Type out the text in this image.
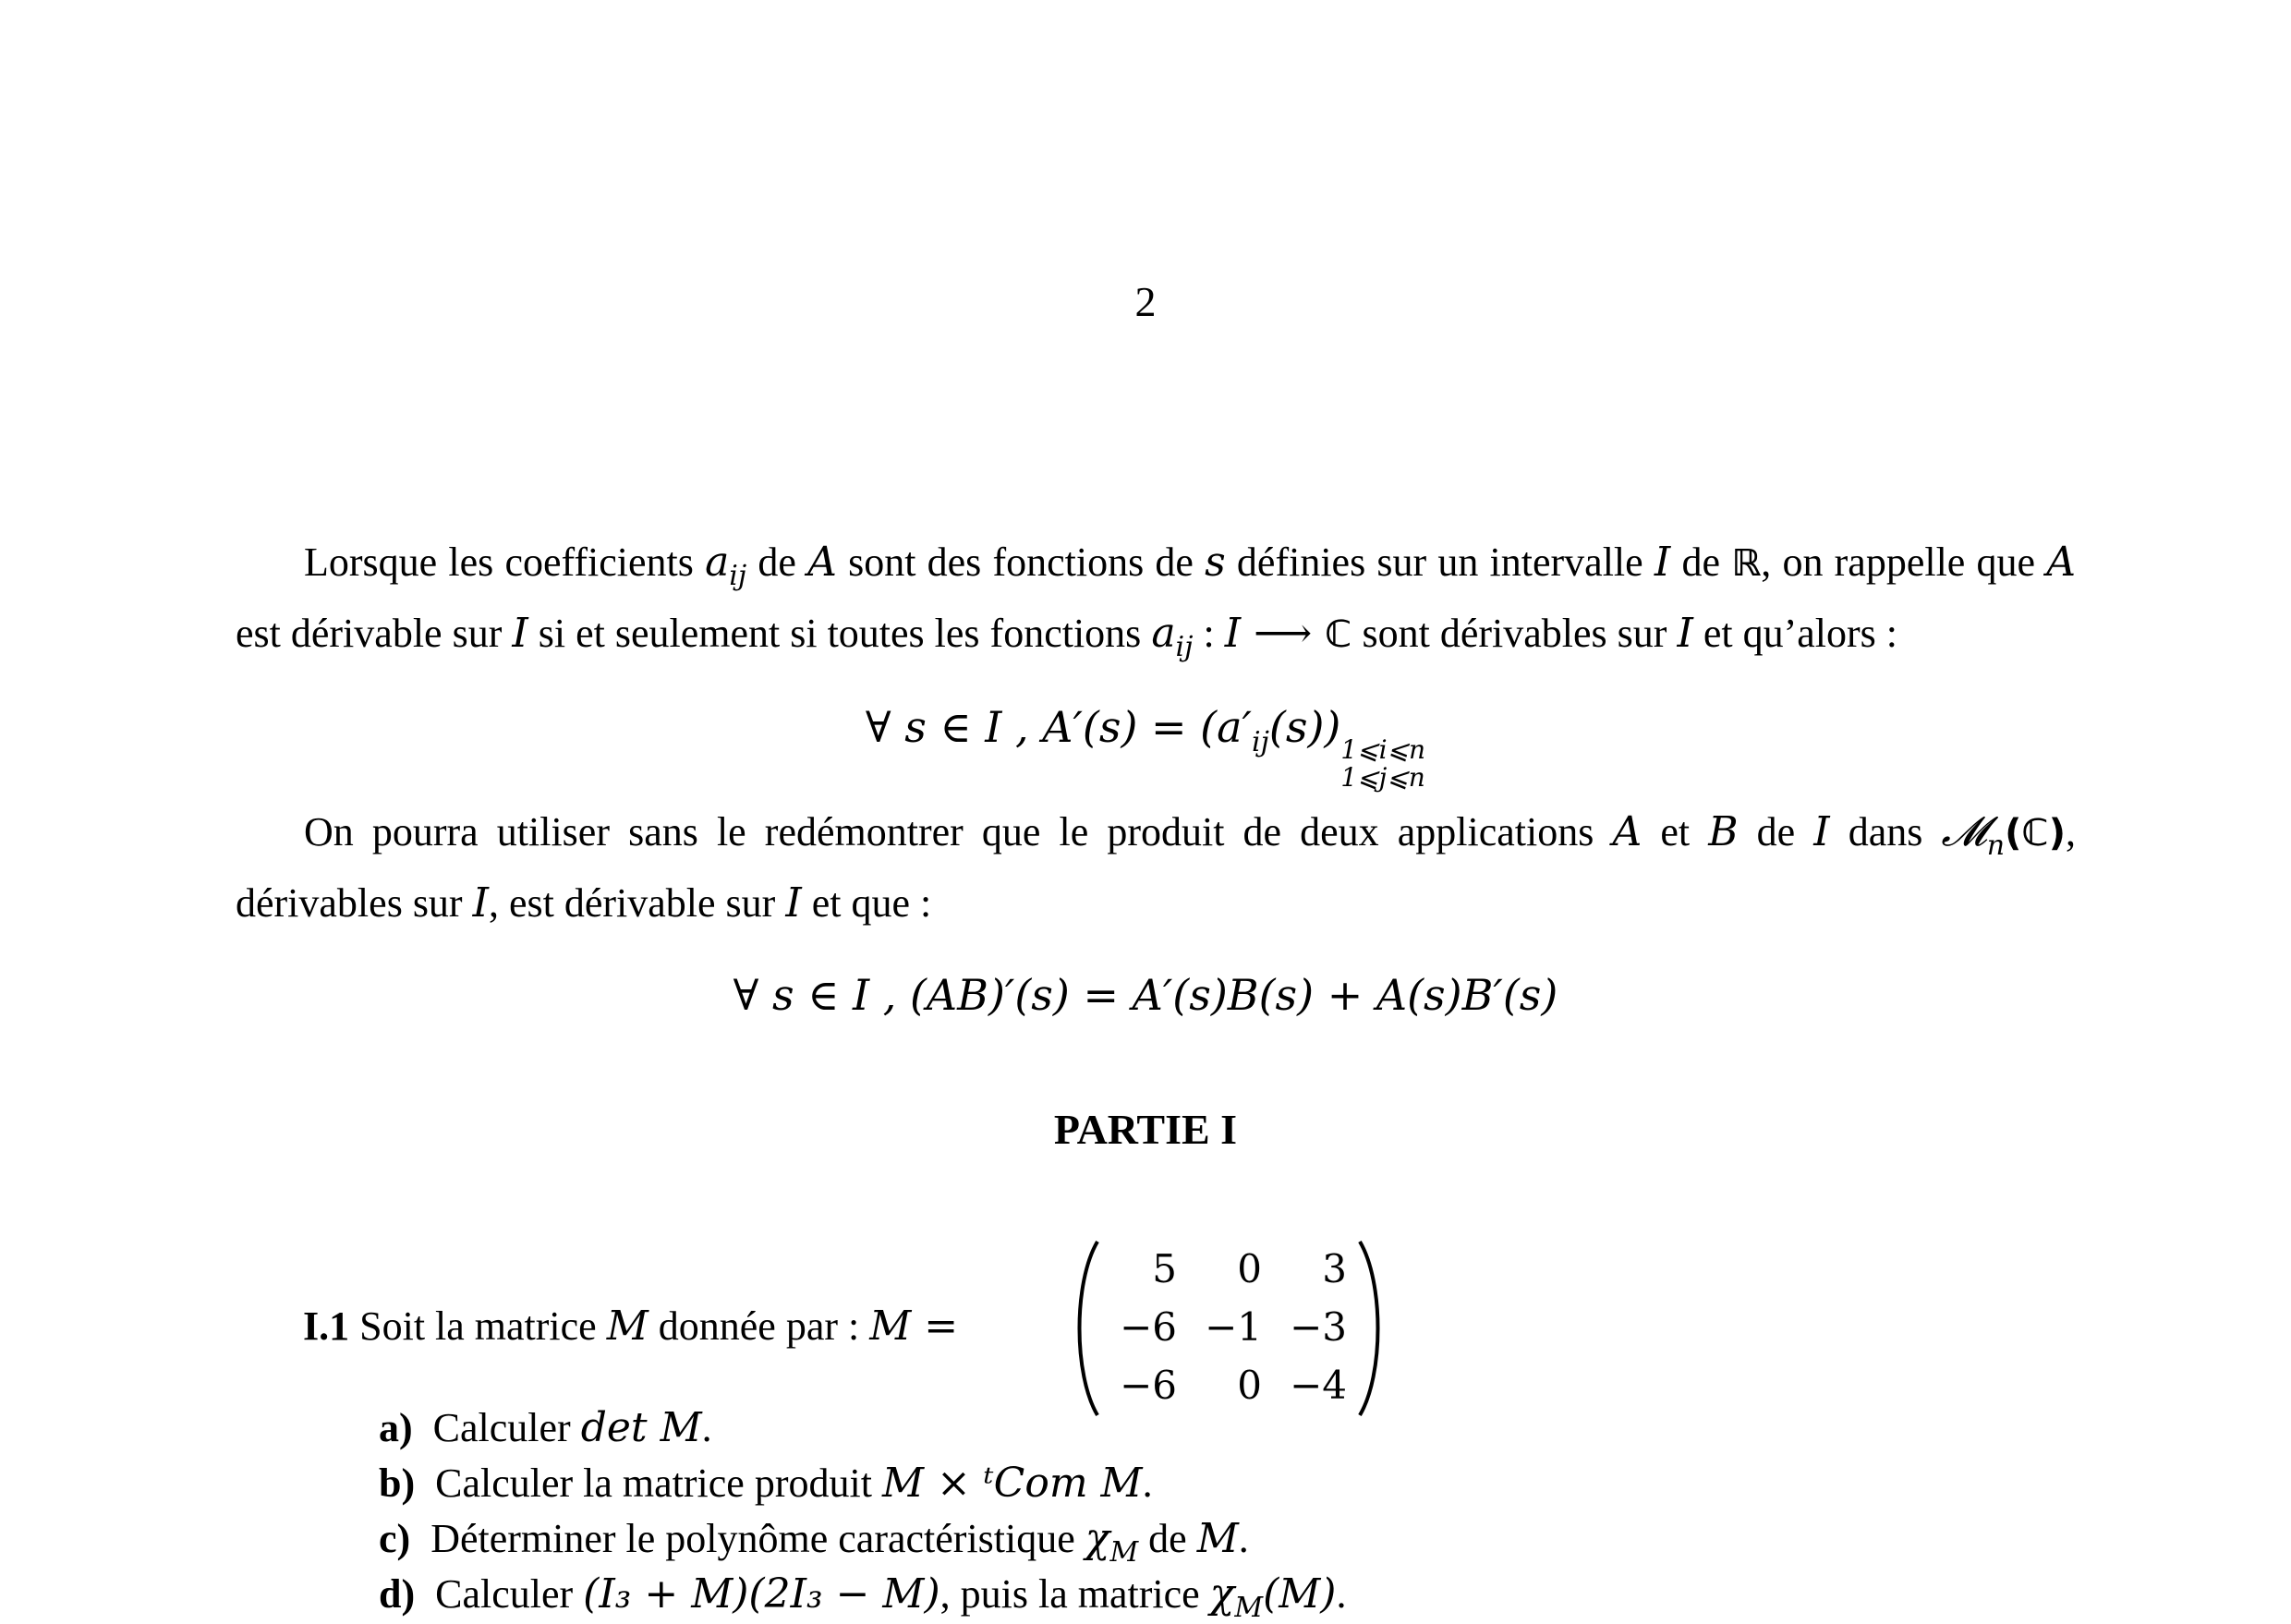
2
Lorsque les coefficients $a_{ij}$ de A sont des fonctions de s définies sur un intervalle I de ℝ, on rappelle que A est dérivable sur I si et seulement si toutes les fonctions $a_{ij}$ : I ⟶ ℂ sont dérivables sur I et qu’alors :
∀ s ∈ I , $A'(s) = (a'_{ij}(s))1⩽i⩽n$
1⩽j⩽n
On pourra utiliser sans le redémontrer que le produit de deux applications A et B de I dans 𝓜$_n$(ℂ), dérivables sur I, est dérivable sur I et que :
∀ s ∈ I , (AB)′(s) = A′(s)B(s) + A(s)B′(s)
PARTIE I
I.1 Soit la matrice M donnée par : M =
5	0	3
−6 −1 −3
−6	0 −4
a) Calculer det M.
b) Calculer la matrice produit M × ᵗCom M.
c) Déterminer le polynôme caractéristique $\chi_M$ de M.
d) Calculer (I₃ + M)(2I₃ − M), puis la matrice $\chi_M(M)$.
